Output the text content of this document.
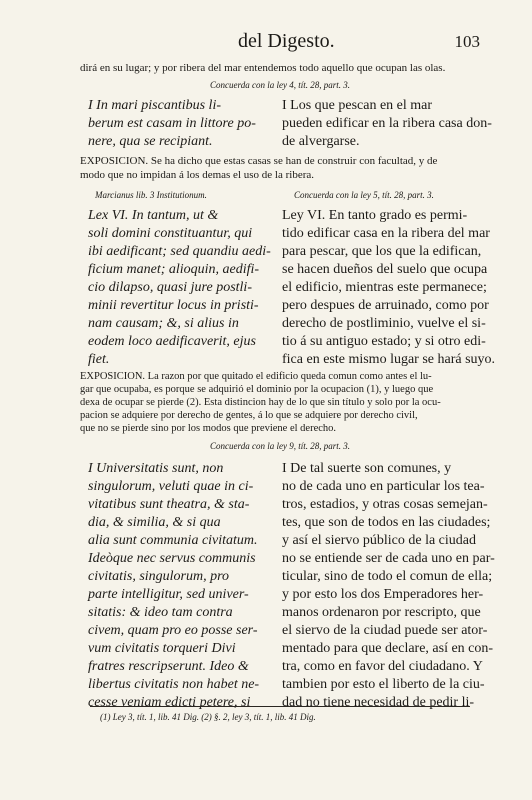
del Digesto.	103

dirá en su lugar; y por ribera del mar entendemos todo aquello que ocupan las olas.

Concuerda con la ley 4, tít. 28, part. 3.

I In mari piscantibus li-

berum est casam in littore po-

nere, qua se recipiant.

I Los que pescan en el mar

pueden edificar en la ribera casa don-

de alvergarse.

EXPOSICION. Se ha dicho que estas casas se han de construir con facultad, y de

modo que no impidan á los demas el uso de la ribera.

Marcianus lib. 3 Institutionum.	Concuerda con la ley 5, tít. 28, part. 3.

Lex VI. In tantum, ut &

soli domini constituantur, qui

ibi aedificant; sed quandiu aedi-

ficium manet; alioquin, aedifi-

cio dilapso, quasi jure postli-

minii revertitur locus in pristi-

nam causam; &, si alius in

eodem loco aedificaverit, ejus

fiet.

Ley VI. En tanto grado es permi-

tido edificar casa en la ribera del mar

para pescar, que los que la edifican,

se hacen dueños del suelo que ocupa

el edificio, mientras este permanece;

pero despues de arruinado, como por

derecho de postliminio, vuelve el si-

tio á su antiguo estado; y si otro edi-

fica en este mismo lugar se hará suyo.

EXPOSICION. La razon por que quitado el edificio queda comun como antes el lu-

gar que ocupaba, es porque se adquirió el dominio por la ocupacion (1), y luego que

dexa de ocupar se pierde (2). Esta distincion hay de lo que sin título y solo por la ocu-

pacion se adquiere por derecho de gentes, á lo que se adquiere por derecho civil,

que no se pierde sino por los modos que previene el derecho.

Concuerda con la ley 9, tít. 28, part. 3.

I Universitatis sunt, non

singulorum, veluti quae in ci-

vitatibus sunt theatra, & sta-

dia, & similia, & si qua

alia sunt communia civitatum.

Ideòque nec servus communis

civitatis, singulorum, pro

parte intelligitur, sed univer-

sitatis: & ideo tam contra

civem, quam pro eo posse ser-

vum civitatis torqueri Divi

fratres rescripserunt. Ideo &

libertus civitatis non habet ne-

cesse veniam edicti petere, si

I De tal suerte son comunes, y

no de cada uno en particular los tea-

tros, estadios, y otras cosas semejan-

tes, que son de todos en las ciudades;

y así el siervo público de la ciudad

no se entiende ser de cada uno en par-

ticular, sino de todo el comun de ella;

y por esto los dos Emperadores her-

manos ordenaron por rescripto, que

el siervo de la ciudad puede ser ator-

mentado para que declare, así en con-

tra, como en favor del ciudadano. Y

tambien por esto el liberto de la ciu-

dad no tiene necesidad de pedir li-

(1) Ley 3, tít. 1, lib. 41 Dig. (2) §. 2, ley 3, tít. 1, lib. 41 Dig.
